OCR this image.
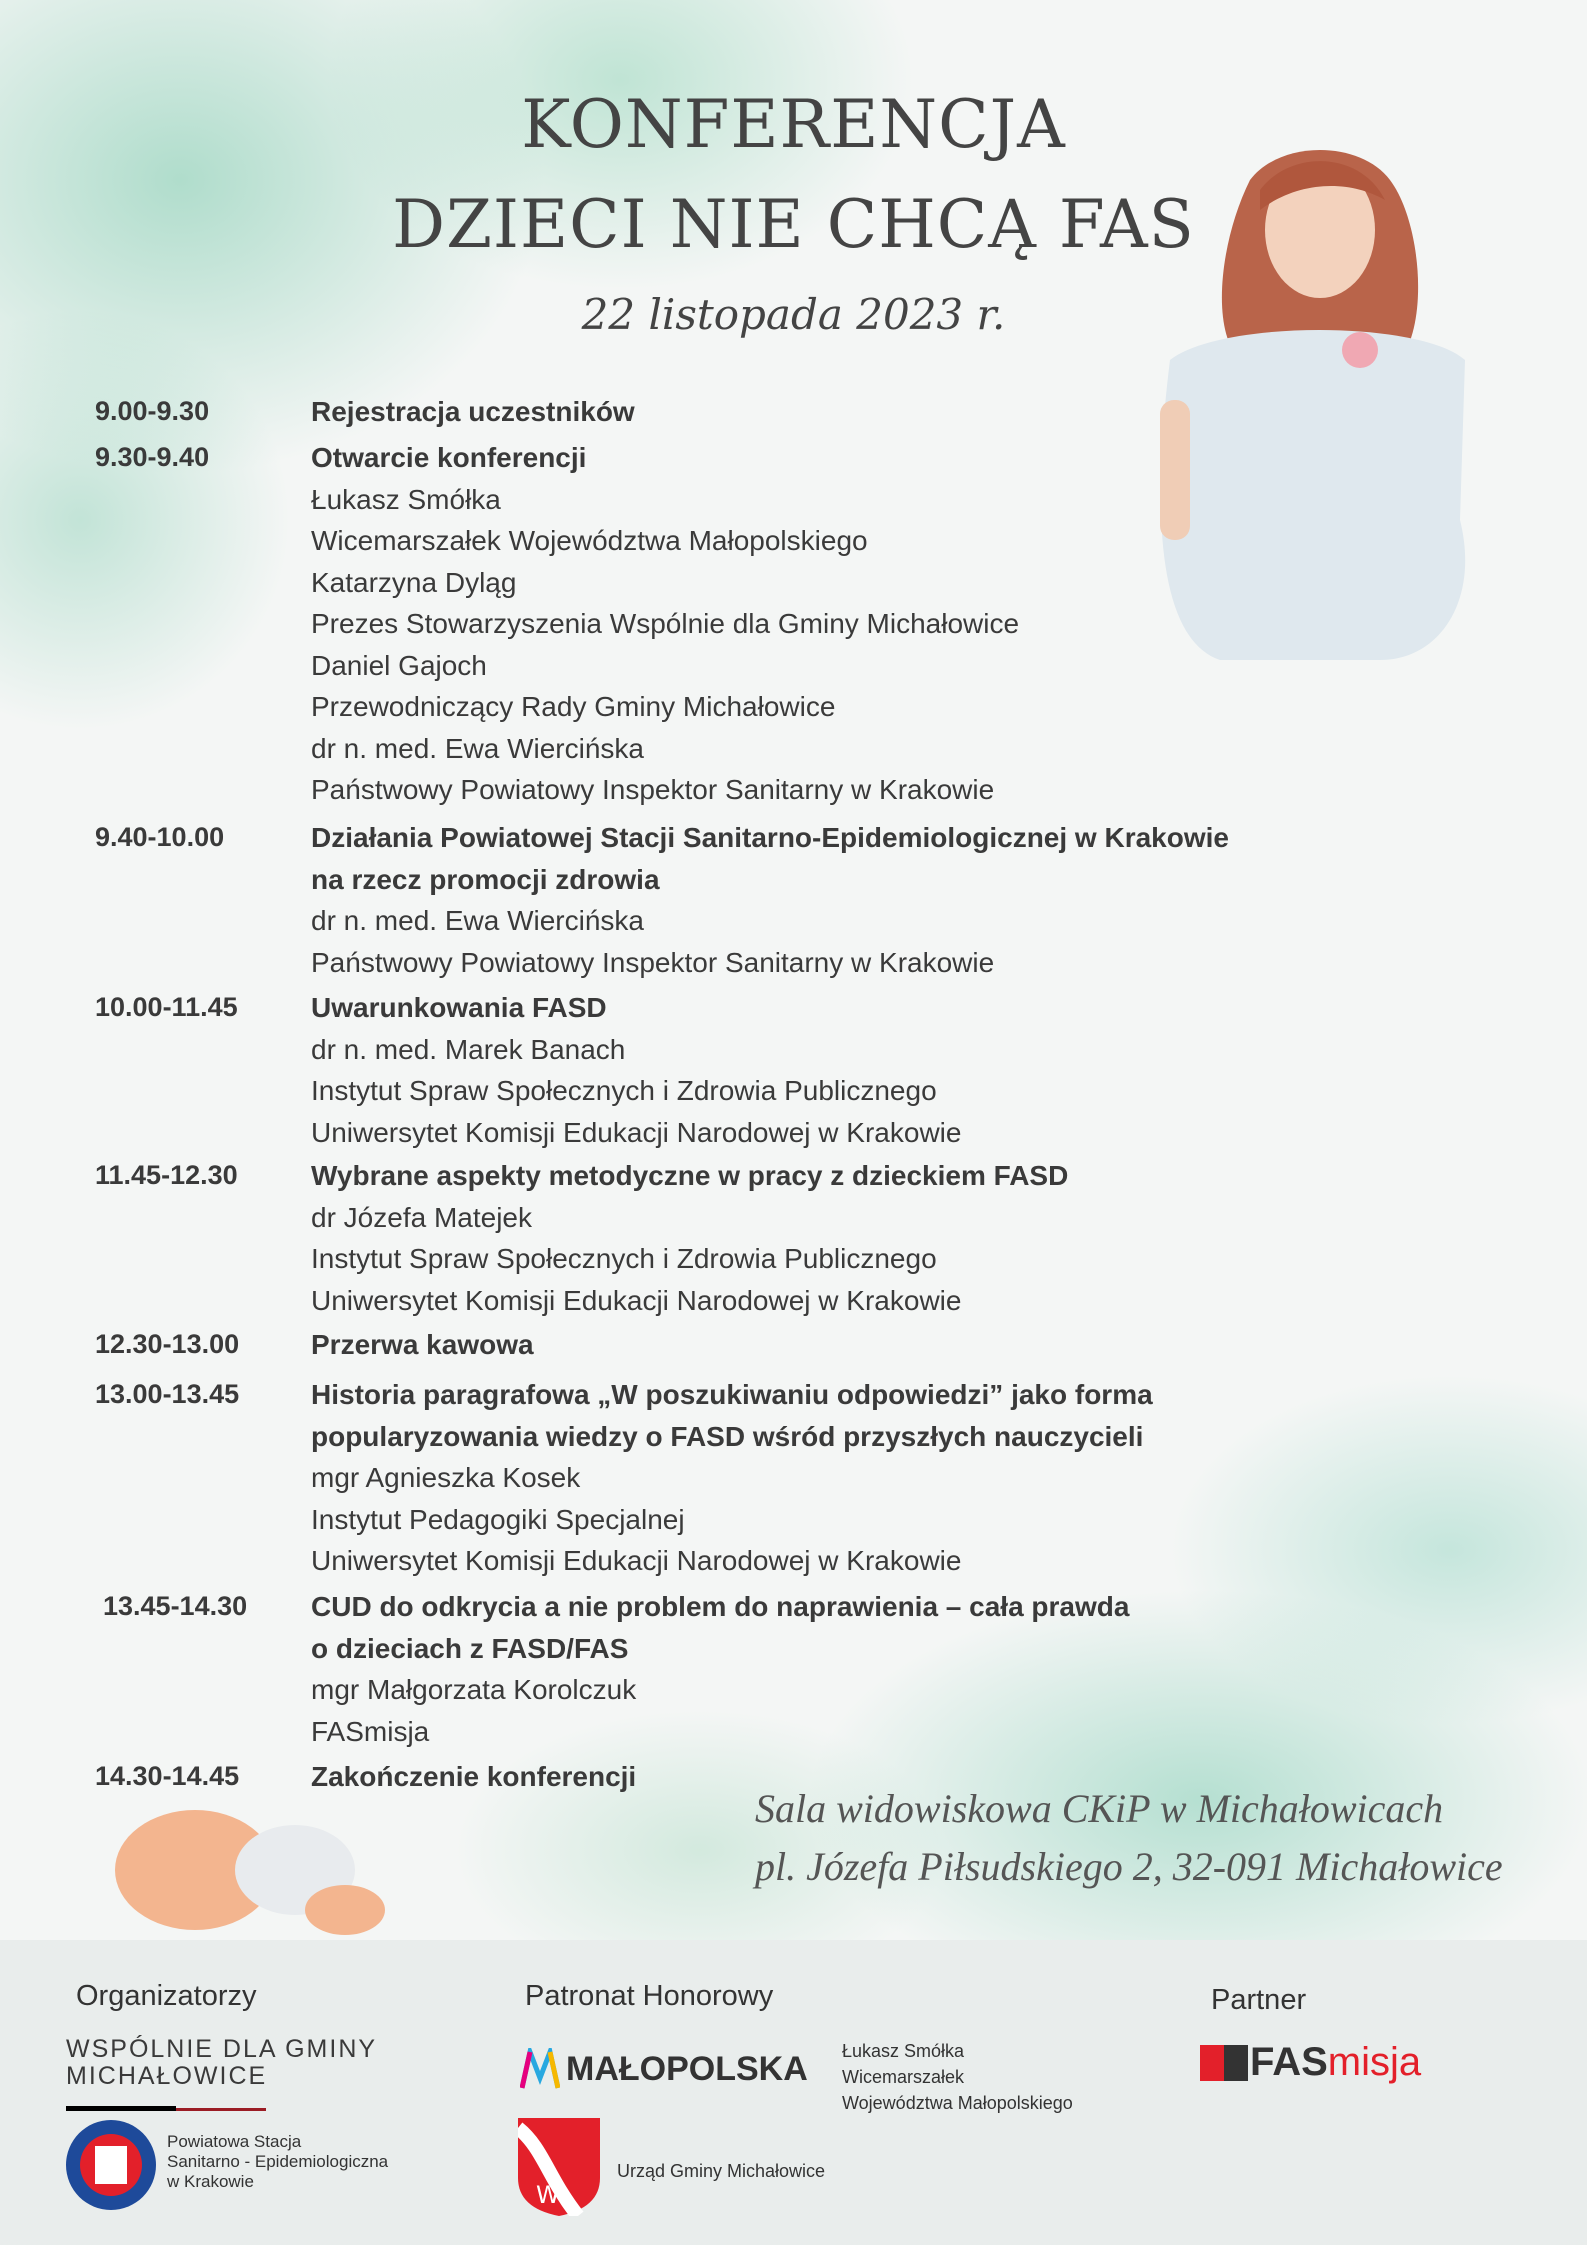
KONFERENCJA
DZIECI NIE CHCĄ FAS
22 listopada 2023 r.
9.00-9.30	Rejestracja uczestników
9.30-9.40	Otwarcie konferencji
Łukasz Smółka
Wicemarszałek Województwa Małopolskiego
Katarzyna Dyląg
Prezes Stowarzyszenia Wspólnie dla Gminy Michałowice
Daniel Gajoch
Przewodniczący Rady Gminy Michałowice
dr n. med. Ewa Wiercińska
Państwowy Powiatowy Inspektor Sanitarny w Krakowie
9.40-10.00	Działania Powiatowej Stacji Sanitarno-Epidemiologicznej w Krakowie
na rzecz promocji zdrowia
dr n. med. Ewa Wiercińska
Państwowy Powiatowy Inspektor Sanitarny w Krakowie
10.00-11.45	Uwarunkowania FASD
dr n. med. Marek Banach
Instytut Spraw Społecznych i Zdrowia Publicznego
Uniwersytet Komisji Edukacji Narodowej w Krakowie
11.45-12.30	Wybrane aspekty metodyczne w pracy z dzieckiem FASD
dr Józefa Matejek
Instytut Spraw Społecznych i Zdrowia Publicznego
Uniwersytet Komisji Edukacji Narodowej w Krakowie
12.30-13.00	Przerwa kawowa
13.00-13.45	Historia paragrafowa „W poszukiwaniu odpowiedzi” jako forma
popularyzowania wiedzy o FASD wśród przyszłych nauczycieli
mgr Agnieszka Kosek
Instytut Pedagogiki Specjalnej
Uniwersytet Komisji Edukacji Narodowej w Krakowie
13.45-14.30 CUD do odkrycia a nie problem do naprawienia – cała prawda
o dzieciach z FASD/FAS
mgr Małgorzata Korolczuk
FASmisja
14.30-14.45	Zakończenie konferencji
Sala widowiskowa CKiP w Michałowicach
pl. Józefa Piłsudskiego 2, 32-091 Michałowice
Organizatorzy	Patronat Honorowy	Partner
WSPÓLNIE DLA GMINY
MICHAŁOWICE
Powiatowa Stacja
Sanitarno - Epidemiologiczna
w Krakowie
MAŁOPOLSKA Łukasz Smółka
Wicemarszałek
Województwa Małopolskiego
W
Urząd Gminy Michałowice
FAS misja
